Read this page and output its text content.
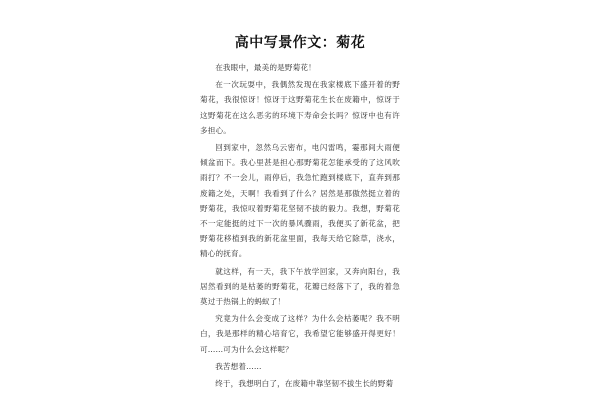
高中写景作文：菊花

在我眼中，最美的是野菊花！

在一次玩耍中，我偶然发现在我家楼底下盛开着的野菊花，我很惊讶！惊讶于这野菊花生长在废籍中，惊讶于这野菊花在这么恶劣的环境下寿命会长吗？惊讶中也有许多担心。

回到家中，忽然乌云密布，电闪雷鸣，霎那间大雨便倾盆而下。我心里甚是担心那野菊花怎能承受的了这风吹雨打？不一会儿，雨停后，我急忙跑到楼底下，直奔到那废籍之处，天啊！我看到了什么？居然是那傲然挺立着的野菊花，我惊叹着野菊花坚韧不拔的毅力。我想，野菊花不一定能挺的过下一次的暴风骤雨，我便买了新花盆，把野菊花移植到我的新花盆里面，我每天给它除草，浇水，精心的抚育。

就这样，有一天，我下午放学回家，又奔向阳台，我居然看到的是枯萎的野菊花，花瓣已经落下了，我的着急莫过于热锅上的蚂蚁了！

究竟为什么会变成了这样？为什么会枯萎呢？我不明白，我是那样的精心培育它，我希望它能够盛开得更好！可……可为什么会这样呢？

我苦想着……

终于，我想明白了，在废籍中靠坚韧不拔生长的野菊
